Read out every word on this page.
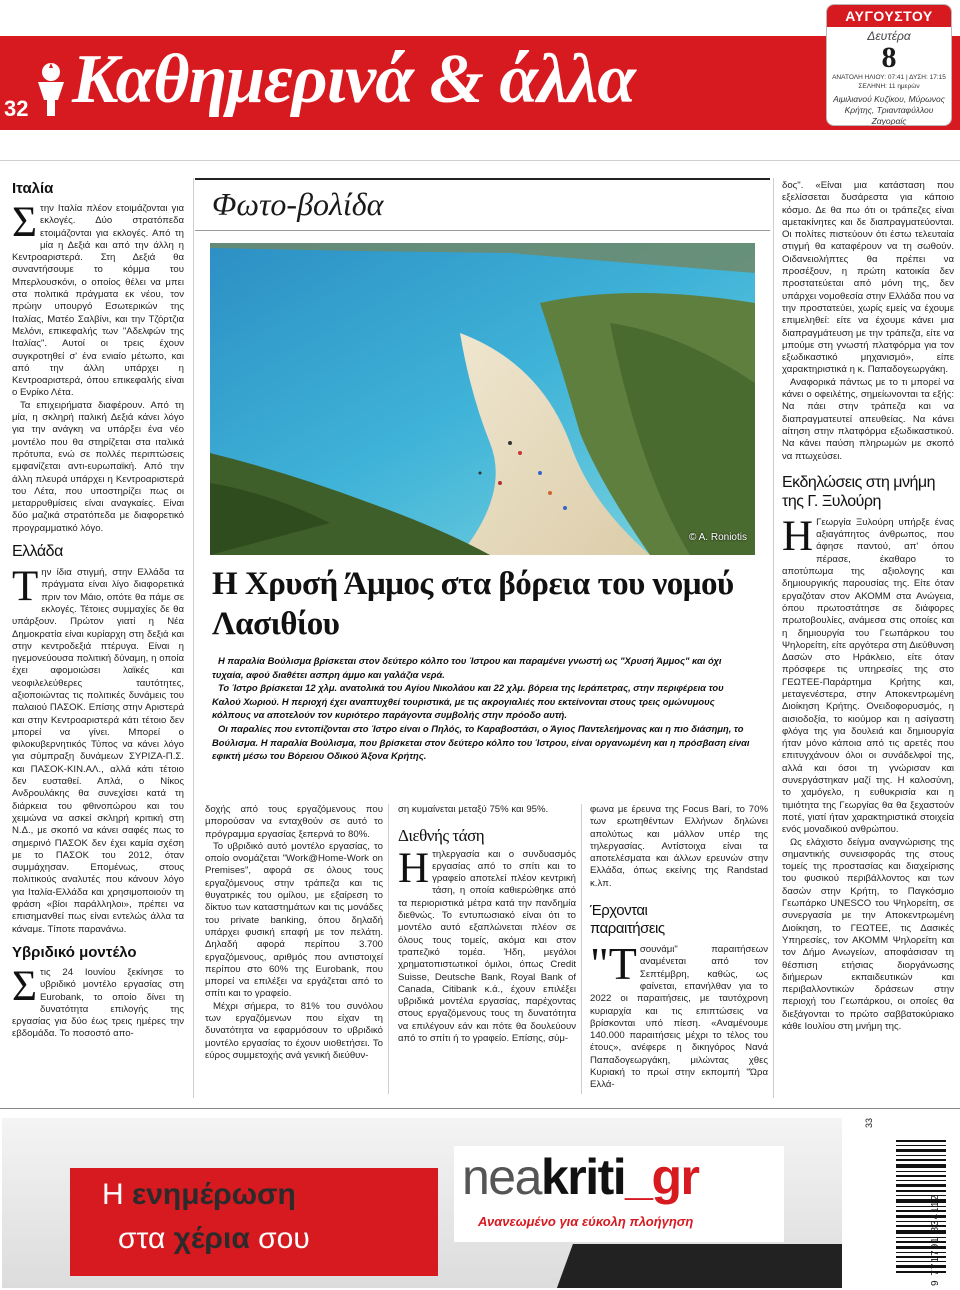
32 Καθημερινά & άλλα
ΑΥΓΟΥΣΤΟΥ
Δευτέρα
8
ΑΝΑΤΟΛΗ ΗΛΙΟΥ: 07:41 | ΔΥΣΗ: 17:15
ΣΕΛΗΝΗ: 11 ημερών
Αιμιλιανού Κυζίκου, Μύρωνος Κρήτης, Τριανταφύλλου Ζαγοραίς
Ιταλία
Σ την Ιταλία πλέον ετοιμάζονται για εκλογές. Δύο στρατόπεδα ετοιμάζονται για εκλογές. Από τη μία η Δεξιά και από την άλλη η Κεντροαριστερά. Στη Δεξιά θα συναντήσουμε το κόμμα του Μπερλουσκόνι, ο οποίος θέλει να μπει στα πολιτικά πράγματα εκ νέου, τον πρώην υπουργό Εσωτερικών της Ιταλίας, Ματέο Σαλβίνι, και την Τζόρτζια Μελόνι, επικεφαλής των "Αδελφών της Ιταλίας". Αυτοί οι τρεις έχουν συγκροτηθεί σ' ένα ενιαίο μέτωπο, και από την άλλη υπάρχει η Κεντροαριστερά, όπου επικεφαλής είναι ο Ενρίκο Λέτα.

Τα επιχειρήματα διαφέρουν. Από τη μία, η σκληρή ιταλική Δεξιά κάνει λόγο για την ανάγκη να υπάρξει ένα νέο μοντέλο που θα στηρίζεται στα ιταλικά πρότυπα, ενώ σε πολλές περιπτώσεις εμφανίζεται αντι-ευρωπαϊκή. Από την άλλη πλευρά υπάρχει η Κεντροαριστερά του Λέτα, που υποστηρίζει πως οι μεταρρυθμίσεις είναι αναγκαίες. Είναι δύο μαζικά στρατόπεδα με διαφορετικό προγραμματικό λόγο.

Ελλάδα
Τ ην ίδια στιγμή, στην Ελλάδα τα πράγματα είναι λίγο διαφορετικά πριν τον Μάιο, οπότε θα πάμε σε εκλογές. Τέτοιες συμμαχίες δε θα υπάρξουν. Πρώτον γιατί η Νέα Δημοκρατία είναι κυρίαρχη στη δεξιά και στην κεντροδεξιά πτέρυγα. Είναι η ηγεμονεύουσα πολιτική δύναμη, η οποία έχει αφομοιώσει λαϊκές και νεοφιλελεύθερες ταυτότητες, αξιοποιώντας τις πολιτικές δυνάμεις του παλαιού ΠΑΣΟΚ. Επίσης στην Αριστερά και στην Κεντροαριστερά κάτι τέτοιο δεν μπορεί να γίνει. Μπορεί ο φιλοκυβερνητικός Τύπος να κάνει λόγο για σύμπραξη δυνάμεων ΣΥΡΙΖΑ-Π.Σ. και ΠΑΣΟΚ-ΚΙΝ.ΑΛ., αλλά κάτι τέτοιο δεν ευσταθεί. Απλά, ο Νίκος Ανδρουλάκης θα συνεχίσει κατά τη διάρκεια του φθινοπώρου και του χειμώνα να ασκεί σκληρή κριτική στη Ν.Δ., με σκοπό να κάνει σαφές πως το σημερινό ΠΑΣΟΚ δεν έχει καμία σχέση με το ΠΑΣΟΚ του 2012, όταν συμμάχησαν. Επομένως, στους πολιτικούς αναλυτές που κάνουν λόγο για Ιταλία-Ελλάδα και χρησιμοποιούν τη φράση «βίοι παράλληλοι», πρέπει να επισημανθεί πως είναι εντελώς άλλα τα κάναμε. Τίποτε παρανάνω.

Υβριδικό μοντέλο
Σ τις 24 Ιουνίου ξεκίνησε το υβριδικό μοντέλο εργασίας στη Eurobank, το οποίο δίνει τη δυνατότητα επιλογής της εργασίας για δύο έως τρεις ημέρες την εβδομάδα. Το ποσοστό απο-

Φωτο-βολίδα
© Α. Roniotis
Η Χρυσή Άμμος στα βόρεια του νομού Λασιθίου

Η παραλία Βούλισμα βρίσκεται στον δεύτερο κόλπο του Ίστρου και παραμένει γνωστή ως "Χρυσή Άμμος" και όχι τυχαία, αφού διαθέτει ασπρη άμμο και γαλάζια νερά.

Το Ίστρο βρίσκεται 12 χλμ. ανατολικά του Αγίου Νικολάου και 22 χλμ. βόρεια της Ιεράπετρας, στην περιφέρεια του Καλού Χωριού. Η περιοχή έχει αναπτυχθεί τουριστικά, με τις ακρογιαλιές που εκτείνονται στους τρεις ομώνυμους κόλπους να αποτελούν τον κυριότερο παράγοντα συμβολής στην πρόοδο αυτή.

Οι παραλίες που εντοπίζονται στο Ίστρο είναι ο Πηλός, το Καραβοστάσι, ο Άγιος Παντελεήμονας και η πιο διάσημη, το Βούλισμα. Η παραλία Βούλισμα, που βρίσκεται στον δεύτερο κόλπο του Ίστρου, είναι οργανωμένη και η πρόσβαση είναι εφικτή μέσω του Βόρειου Οδικού Άξονα Κρήτης.

δοχής από τους εργαζόμενους που μπορούσαν να ενταχθούν σε αυτό το πρόγραμμα εργασίας ξεπερνά το 80%.

Το υβριδικό αυτό μοντέλο εργασίας, το οποίο ονομάζεται "Work@Home-Work on Premises", αφορά σε όλους τους εργαζόμενους στην τράπεζα και τις θυγατρικές του ομίλου, με εξαίρεση το δίκτυο των καταστημάτων και τις μονάδες του private banking, όπου δηλαδή υπάρχει φυσική επαφή με τον πελάτη. Δηλαδή αφορά περίπου 3.700 εργαζόμενους, αριθμός που αντιστοιχεί περίπου στο 60% της Eurobank, που μπορεί να επιλέξει να εργάζεται από το σπίτι και το γραφείο.

Μέχρι σήμερα, το 81% του συνόλου των εργαζόμενων που είχαν τη δυνατότητα να εφαρμόσουν το υβριδικό μοντέλο εργασίας το έχουν υιοθετήσει. Το εύρος συμμετοχής ανά γενική διεύθυν-

ση κυμαίνεται μεταξύ 75% και 95%.

Διεθνής τάση
Η τηλεργασία και ο συνδυασμός εργασίας από το σπίτι και το γραφείο αποτελεί πλέον κεντρική τάση, η οποία καθιερώθηκε από τα περιοριστικά μέτρα κατά την πανδημία διεθνώς. Το εντυπωσιακό είναι ότι το μοντέλο αυτό εξαπλώνεται πλέον σε όλους τους τομείς, ακόμα και στον τραπεζικό τομέα. Ήδη, μεγάλοι χρηματοπιστωτικοί όμιλοι, όπως Credit Suisse, Deutsche Bank, Royal Bank of Canada, Citibank κ.ά., έχουν επιλέξει υβριδικά μοντέλα εργασίας, παρέχοντας στους εργαζόμενους τους τη δυνατότητα να επιλέγουν εάν και πότε θα δουλεύουν από το σπίτι ή το γραφείο. Επίσης, σύμ-

φωνα με έρευνα της Focus Bari, το 70% των ερωτηθέντων Ελλήνων δηλώνει απολύτως και μάλλον υπέρ της τηλεργασίας. Αντίστοιχα είναι τα αποτελέσματα και άλλων ερευνών στην Ελλάδα, όπως εκείνης της Randstad κ.λπ.

Έρχονται παραιτήσεις
"Τ σουνάμι" παραιτήσεων αναμένεται από τον Σεπτέμβρη, καθώς, ως φαίνεται, επανήλθαν για το 2022 οι παραιτήσεις, με ταυτόχρονη κυριαρχία και τις επιπτώσεις να βρίσκονται υπό πίεση. «Αναμένουμε 140.000 παραιτήσεις μέχρι το τέλος του έτους», ανέφερε η δικηγόρος Νανά Παπαδογεωργάκη, μιλώντας χθες Κυριακή το πρωί στην εκπομπή "Ώρα Ελλά-

δος". «Είναι μια κατάσταση που εξελίσσεται δυσάρεστα για κάποιο κόσμο. Δε θα πω ότι οι τράπεζες είναι αμετακίνητες και δε διαπραγματεύονται. Οι πολίτες πιστεύουν ότι έστω τελευταία στιγμή θα καταφέρουν να τη σωθούν. Οιδανειολήπτες θα πρέπει να προσέξουν, η πρώτη κατοικία δεν προστατεύεται από μόνη της, δεν υπάρχει νομοθεσία στην Ελλάδα που να την προστατεύει, χωρίς εμείς να έχουμε επιμεληθεί: είτε να έχουμε κάνει μια διαπραγμάτευση με την τράπεζα, είτε να μπούμε στη γνωστή πλατφόρμα για τον εξωδικαστικό μηχανισμό», είπε χαρακτηριστικά η κ. Παπαδογεωργάκη.

Αναφορικά πάντως με το τι μπορεί να κάνει ο οφειλέτης, σημείωνονται τα εξής: Να πάει στην τράπεζα και να διαπραγματευτεί απευθείας. Να κάνει αίτηση στην πλατφόρμα εξωδικαστικού. Να κάνει παύση πληρωμών με σκοπό να πτωχεύσει.

Εκδηλώσεις στη μνήμη της Γ. Ξυλούρη
Η Γεωργία Ξυλούρη υπήρξε ένας αξιαγάπητος άνθρωπος, που άφησε παντού, απ' όπου πέρασε, έκαθαρο το αποτύπωμα της αξιολογης και δημιουργικής παρουσίας της. Είτε όταν εργαζόταν στον ΑΚΟΜΜ στα Ανώγεια, όπου πρωτοστάτησε σε διάφορες πρωτοβουλίες, ανάμεσα στις οποίες και η δημιουργία του Γεωπάρκου του Ψηλορείτη, είτε αργότερα στη Διεύθυνση Δασών στο Ηράκλειο, είτε όταν πρόσφερε τις υπηρεσίες της στο ΓΕΩΤΕΕ-Παράρτημα Κρήτης και, μεταγενέστερα, στην Αποκεντρωμένη Διοίκηση Κρήτης. Ονειδοφορυσμός, η αισιοδοξία, το κιούμορ και η ασίγαστη φλόγα της για δουλειά και δημιουργία ήταν μόνο κάποια από τις αρετές που επιτυγχάνουν όλοι οι συνάδελφοί της, αλλά και όσοι τη γνώρισαν και συνεργάστηκαν μαζί της. Η καλοσύνη, το χαμόγελο, η ευθυκρισία και η τιμιότητα της Γεωργίας θα θα ξεχαστούν ποτέ, γιατί ήταν χαρακτηριστικά στοιχεία ενός μοναδικού ανθρώπου.

Ως ελάχιστο δείγμα αναγνώρισης της σημαντικής συνεισφοράς της στους τομείς της προστασίας και διαχείρισης του φυσικού περιβάλλοντος και των δασών στην Κρήτη, το Παγκόσμιο Γεωπάρκο UNESCO του Ψηλορείτη, σε συνεργασία με την Αποκεντρωμένη Διοίκηση, το ΓΕΩΤΕΕ, τις Δασικές Υπηρεσίες, τον ΑΚΟΜΜ Ψηλορείτη και τον Δήμο Ανωγείων, αποφάσισαν τη θέσπιση ετήσιας διοργάνωσης διήμερων εκπαιδευτικών και περιβαλλοντικών δράσεων στην περιοχή του Γεωπάρκου, οι οποίες θα διεξάγονται το πρώτο σαββατοκύριακο κάθε Ιουλίου στη μνήμη της.

Η ενημέρωση
στα χέρια σου
neakriti_gr
Ανανεωμένο για εύκολη πλοήγηση
33
9 771791 834112
